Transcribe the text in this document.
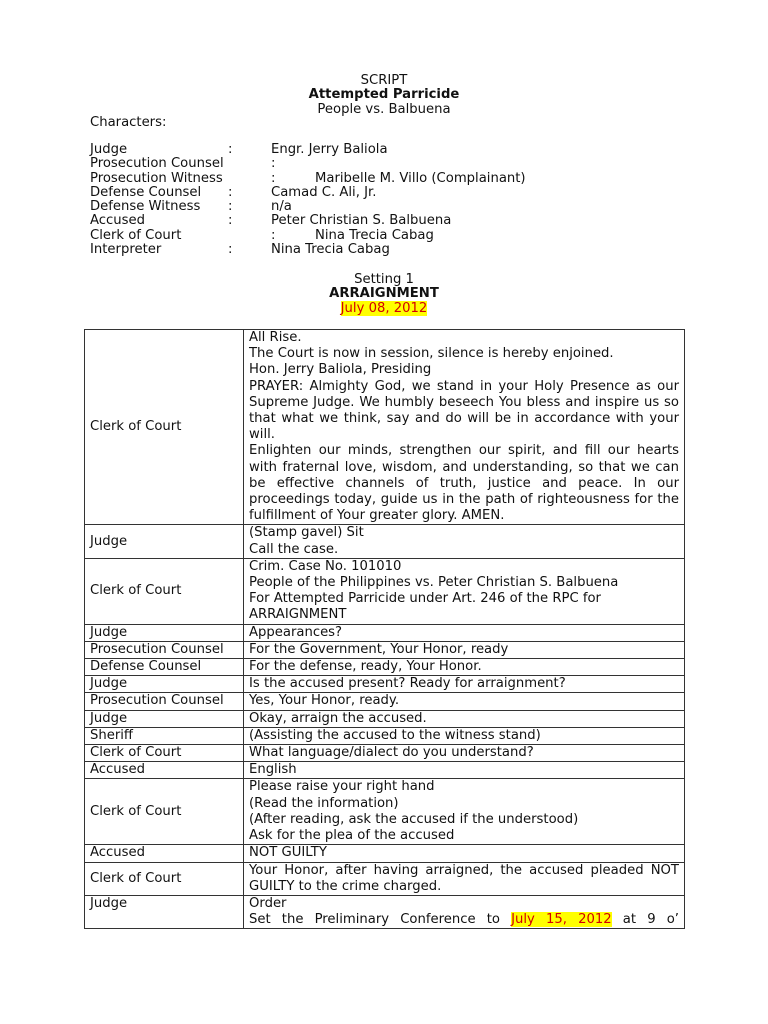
SCRIPT
Attempted Parricide
People vs. Balbuena
Characters:
Judge	:	Engr. Jerry Baliola
Prosecution Counsel	:
Prosecution Witness	:	Maribelle M. Villo (Complainant)
Defense Counsel :	Camad C. Ali, Jr.
Defense Witness :	n/a
Accused	:	Peter Christian S. Balbuena
Clerk of Court	:	Nina Trecia Cabag
Interpreter	:	Nina Trecia Cabag
Setting 1
ARRAIGNMENT
July 08, 2012
Clerk of Court	All Rise.
The Court is now in session, silence is hereby enjoined.
Hon. Jerry Baliola, Presiding
PRAYER: Almighty God, we stand in your Holy Presence as our Supreme Judge. We humbly beseech You bless and inspire us so that what we think, say and do will be in accordance with your will.
Enlighten our minds, strengthen our spirit, and fill our hearts with fraternal love, wisdom, and understanding, so that we can be effective channels of truth, justice and peace. In our proceedings today, guide us in the path of righteousness for the fulfillment of Your greater glory. AMEN.

Judge	(Stamp gavel) Sit
Call the case.

Clerk of Court	Crim. Case No. 101010
People of the Philippines vs. Peter Christian S. Balbuena
For Attempted Parricide under Art. 246 of the RPC for ARRAIGNMENT

Judge	Appearances?

Prosecution Counsel	For the Government, Your Honor, ready

Defense Counsel	For the defense, ready, Your Honor.

Judge	Is the accused present? Ready for arraignment?

Prosecution Counsel	Yes, Your Honor, ready.

Judge	Okay, arraign the accused.

Sheriff	(Assisting the accused to the witness stand)

Clerk of Court	What language/dialect do you understand?

Accused	English

Clerk of Court	Please raise your right hand
(Read the information)
(After reading, ask the accused if the understood)
Ask for the plea of the accused

Accused	NOT GUILTY

Clerk of Court	Your Honor, after having arraigned, the accused pleaded NOT GUILTY to the crime charged.

Judge	Order
Set the Preliminary Conference to July 15, 2012 at 9 o’
